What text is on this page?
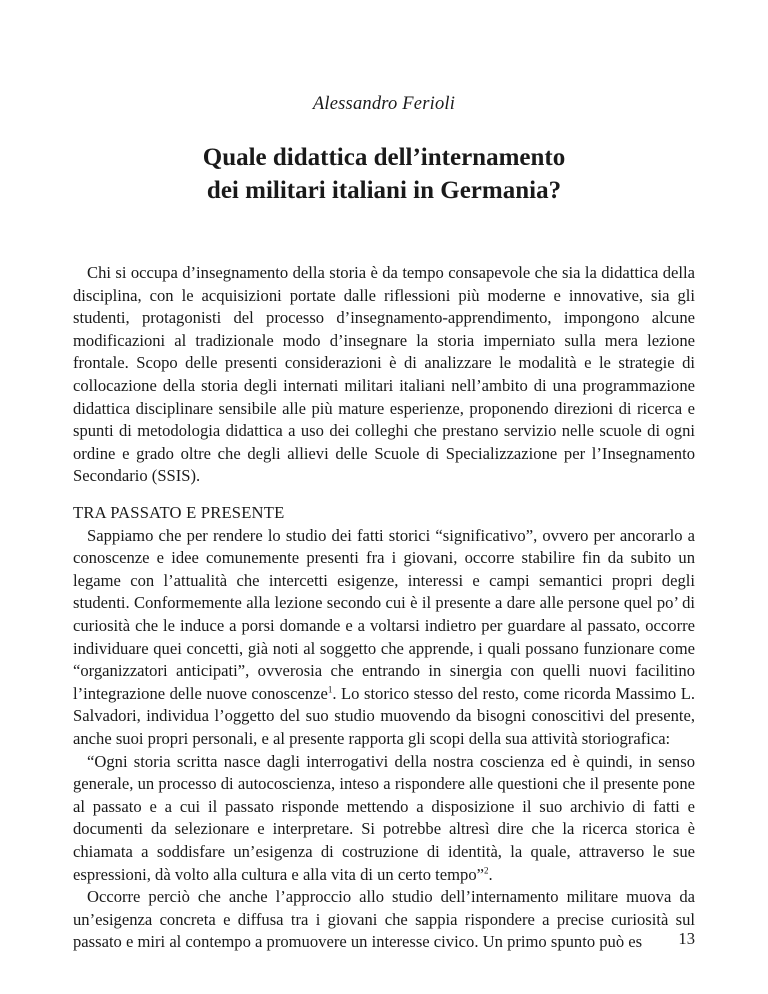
Alessandro Ferioli
Quale didattica dell’internamento
dei militari italiani in Germania?

Chi si occupa d’insegnamento della storia è da tempo consapevole che sia la didattica della disciplina, con le acquisizioni portate dalle riflessioni più moderne e innovative, sia gli studenti, protagonisti del processo d’insegnamento-apprendimento, impongono alcune modificazioni al tradizionale modo d’insegnare la storia imperniato sulla mera lezione frontale. Scopo delle presenti considerazioni è di analizzare le modalità e le strategie di collocazione della storia degli internati militari italiani nell’ambito di una programmazione didattica disciplinare sensibile alle più mature esperienze, proponendo direzioni di ricerca e spunti di metodologia didattica a uso dei colleghi che prestano servizio nelle scuole di ogni ordine e grado oltre che degli allievi delle Scuole di Specializzazione per l’Insegnamento Secondario (SSIS).

TRA PASSATO E PRESENTE

Sappiamo che per rendere lo studio dei fatti storici “significativo”, ovvero per ancorarlo a conoscenze e idee comunemente presenti fra i giovani, occorre stabilire fin da subito un legame con l’attualità che intercetti esigenze, interessi e campi semantici propri degli studenti. Conformemente alla lezione secondo cui è il presente a dare alle persone quel po’ di curiosità che le induce a porsi domande e a voltarsi indietro per guardare al passato, occorre individuare quei concetti, già noti al soggetto che apprende, i quali possano funzionare come “organizzatori anticipati”, ovverosia che entrando in sinergia con quelli nuovi facilitino l’integrazione delle nuove conoscenze$^1$. Lo storico stesso del resto, come ricorda Massimo L. Salvadori, individua l’oggetto del suo studio muovendo da bisogni conoscitivi del presente, anche suoi propri personali, e al presente rapporta gli scopi della sua attività storiografica:

“Ogni storia scritta nasce dagli interrogativi della nostra coscienza ed è quindi, in senso generale, un processo di autocoscienza, inteso a rispondere alle questioni che il presente pone al passato e a cui il passato risponde mettendo a disposizione il suo archivio di fatti e documenti da selezionare e interpretare. Si potrebbe altresì dire che la ricerca storica è chiamata a soddisfare un’esigenza di costruzione di identità, la quale, attraverso le sue espressioni, dà volto alla cultura e alla vita di un certo tempo”$^2$.

Occorre perciò che anche l’approccio allo studio dell’internamento militare muova da un’esigenza concreta e diffusa tra i giovani che sappia rispondere a precise curiosità sul passato e miri al contempo a promuovere un interesse civico. Un primo spunto può es	13
